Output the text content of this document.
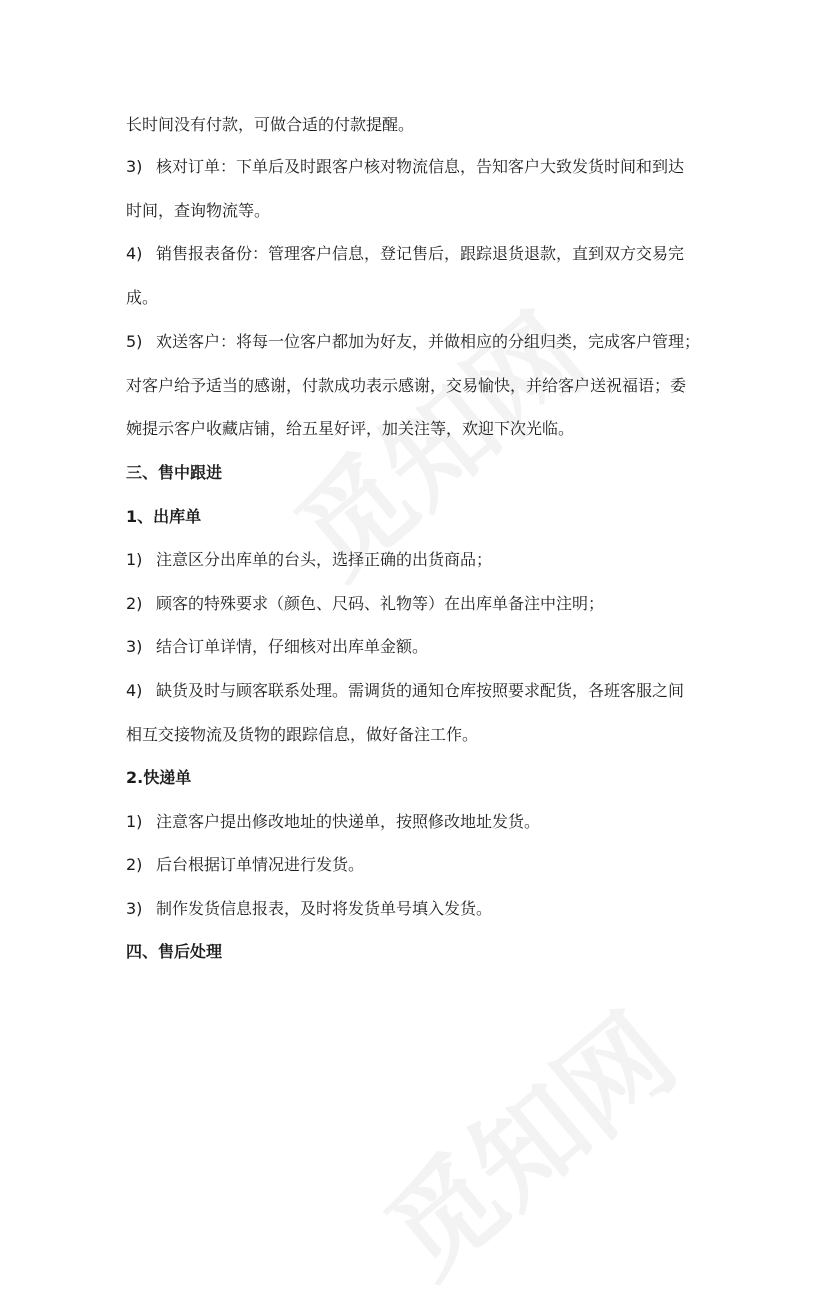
长时间没有付款，可做合适的付款提醒。
3) 核对订单：下单后及时跟客户核对物流信息，告知客户大致发货时间和到达
时间，查询物流等。
4) 销售报表备份：管理客户信息，登记售后，跟踪退货退款，直到双方交易完
成。
5) 欢送客户：将每一位客户都加为好友，并做相应的分组归类，完成客户管理；
对客户给予适当的感谢，付款成功表示感谢，交易愉快，并给客户送祝福语；委
婉提示客户收藏店铺，给五星好评，加关注等，欢迎下次光临。
三、售中跟进
1、出库单
1) 注意区分出库单的台头，选择正确的出货商品；
2) 顾客的特殊要求（颜色、尺码、礼物等）在出库单备注中注明；
3) 结合订单详情，仔细核对出库单金额。
4) 缺货及时与顾客联系处理。需调货的通知仓库按照要求配货，各班客服之间
相互交接物流及货物的跟踪信息，做好备注工作。
2.快递单
1) 注意客户提出修改地址的快递单，按照修改地址发货。
2) 后台根据订单情况进行发货。
3) 制作发货信息报表，及时将发货单号填入发货。
四、售后处理
